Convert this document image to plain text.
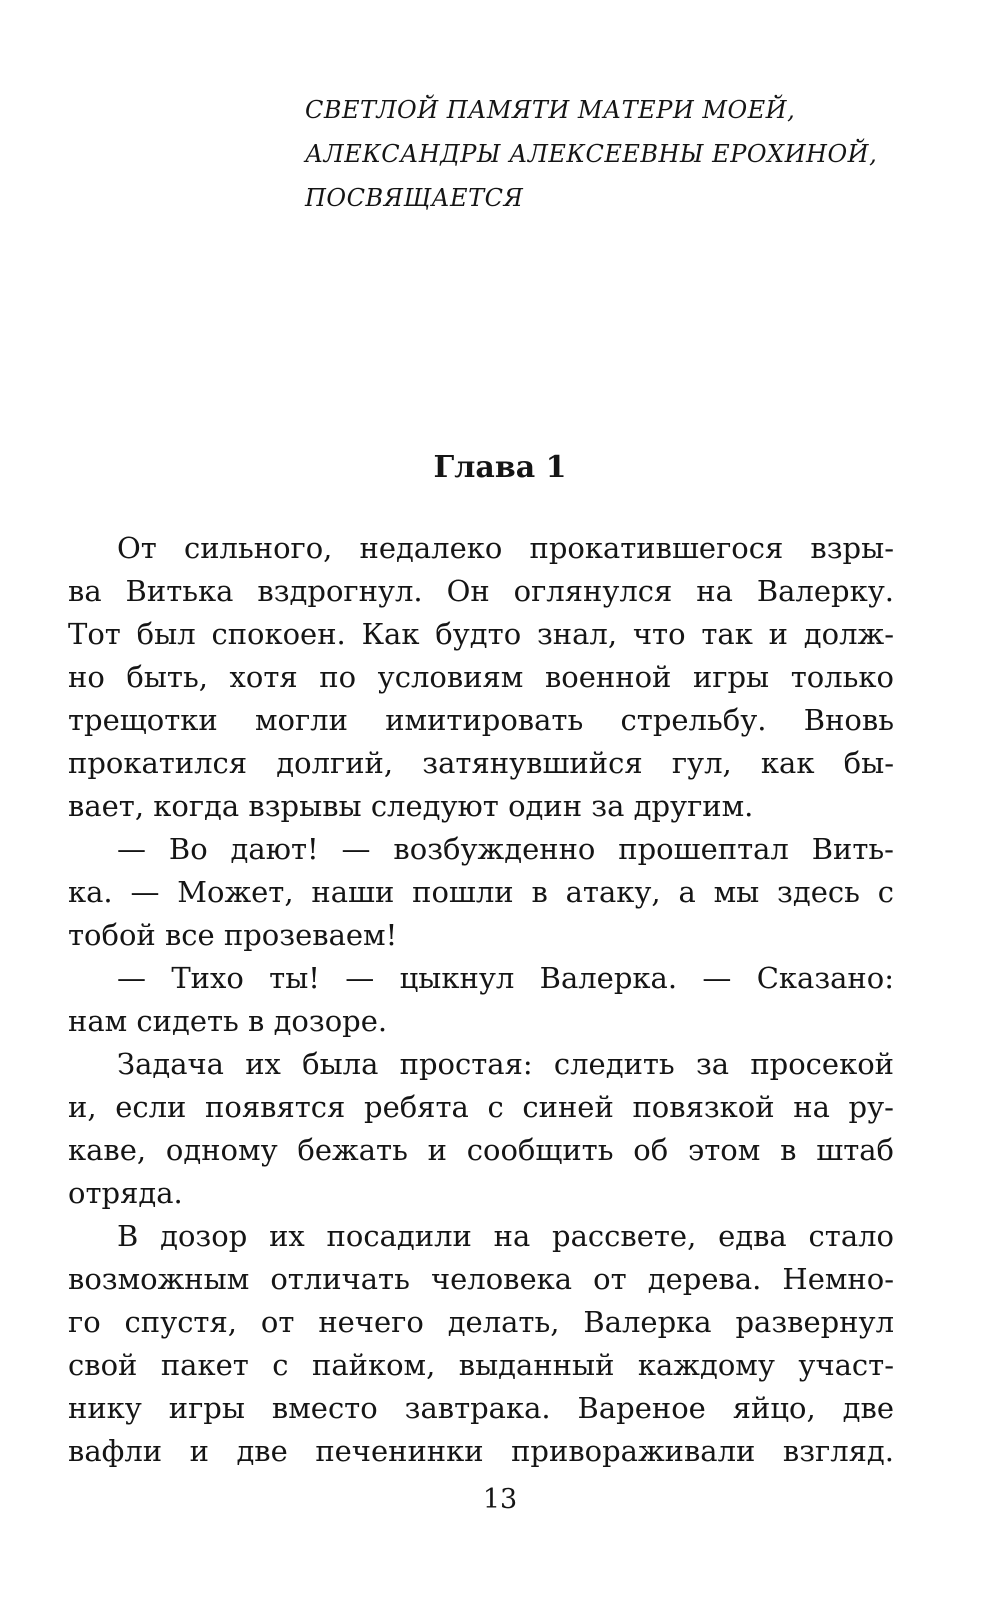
СВЕТЛОЙ ПАМЯТИ МАТЕРИ МОЕЙ,
АЛЕКСАНДРЫ АЛЕКСЕЕВНЫ ЕРОХИНОЙ,
ПОСВЯЩАЕТСЯ
Глава 1
От сильного, недалеко прокатившегося взры-
ва Витька вздрогнул. Он оглянулся на Валерку.
Тот был спокоен. Как будто знал, что так и долж-
но быть, хотя по условиям военной игры только
трещотки могли имитировать стрельбу. Вновь
прокатился долгий, затянувшийся гул, как бы-
вает, когда взрывы следуют один за другим.
— Во дают! — возбужденно прошептал Вить-
ка. — Может, наши пошли в атаку, а мы здесь с
тобой все прозеваем!
— Тихо ты! — цыкнул Валерка. — Сказано:
нам сидеть в дозоре.
Задача их была простая: следить за просекой
и, если появятся ребята с синей повязкой на ру-
каве, одному бежать и сообщить об этом в штаб
отряда.
В дозор их посадили на рассвете, едва стало
возможным отличать человека от дерева. Немно-
го спустя, от нечего делать, Валерка развернул
свой пакет с пайком, выданный каждому участ-
нику игры вместо завтрака. Вареное яйцо, две
вафли и две печенинки привораживали взгляд.
13
